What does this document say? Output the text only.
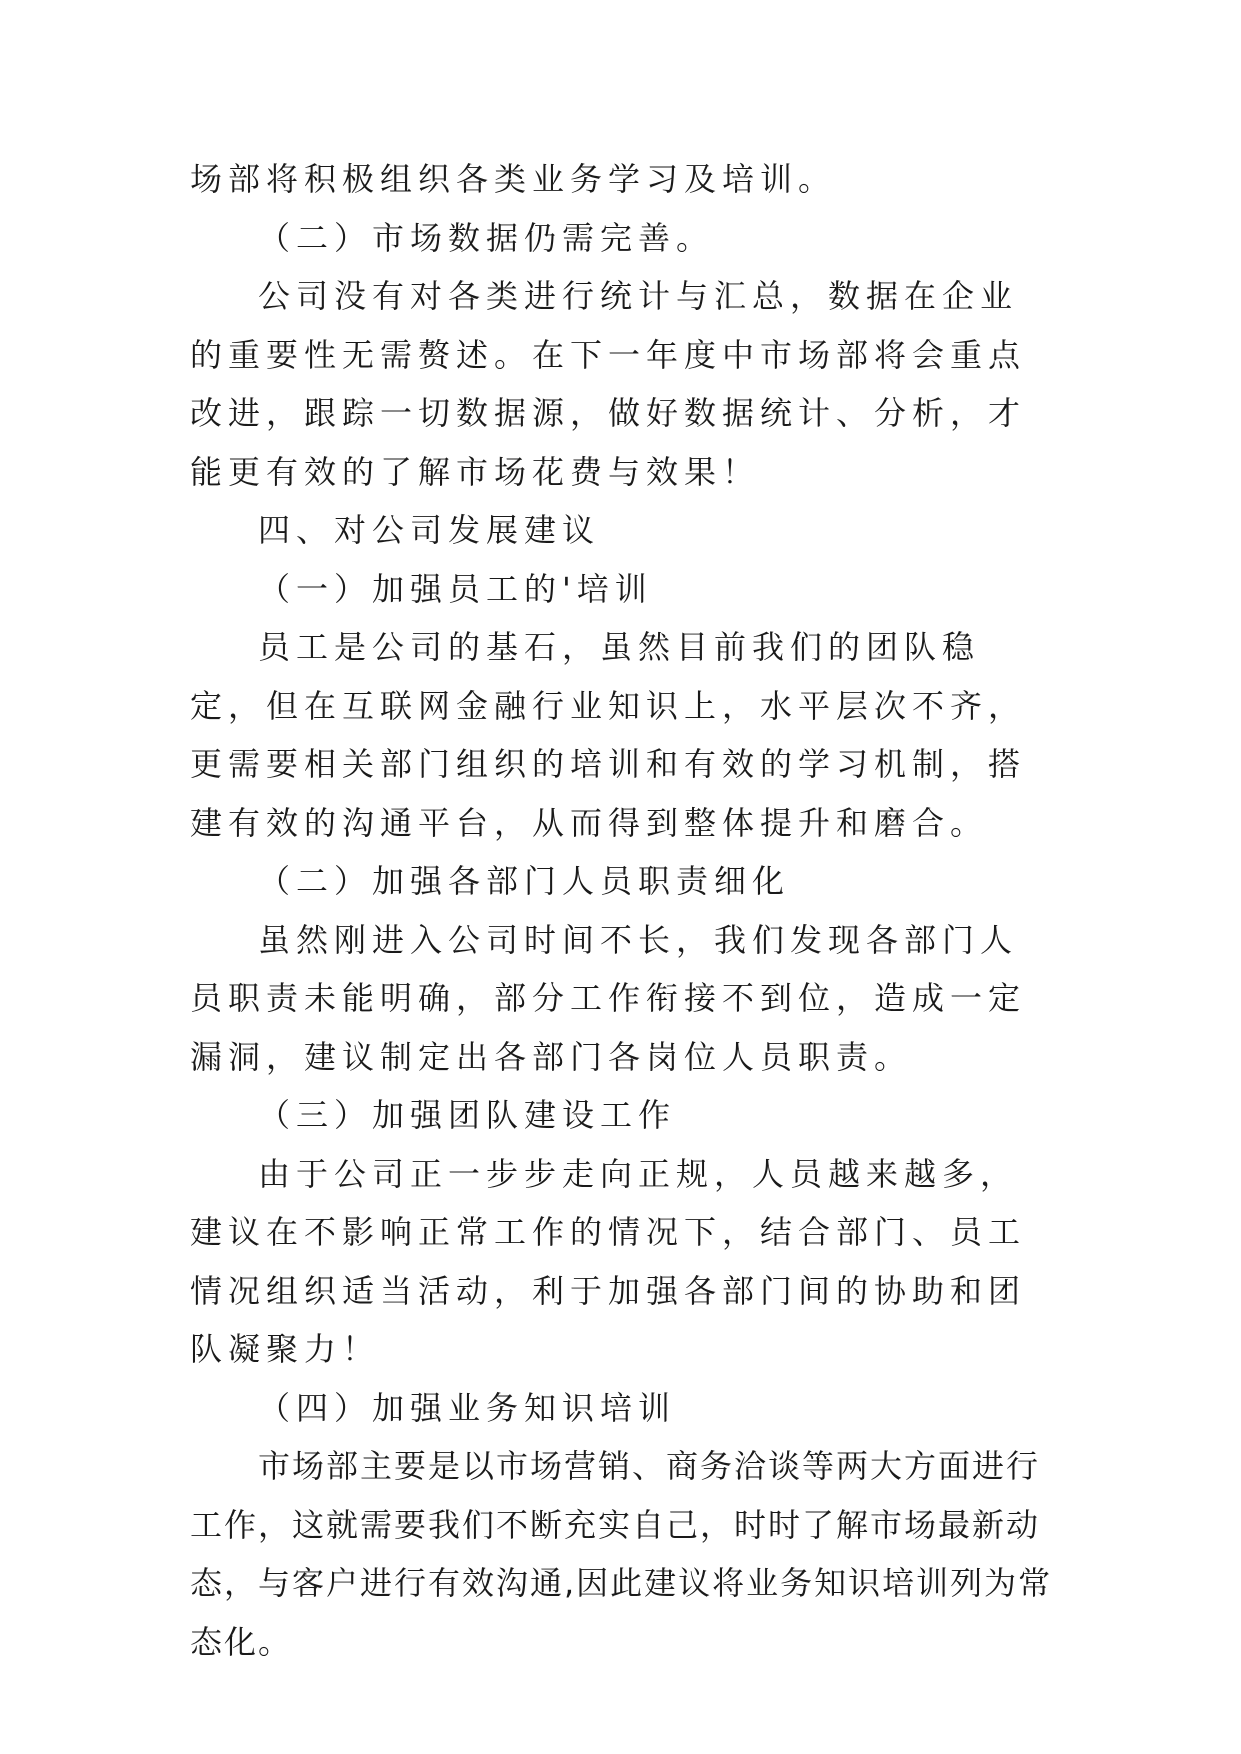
场部将积极组织各类业务学习及培训。

（二）市场数据仍需完善。

公司没有对各类进行统计与汇总，数据在企业的重要性无需赘述。在下一年度中市场部将会重点改进，跟踪一切数据源，做好数据统计、分析，才能更有效的了解市场花费与效果！

四、对公司发展建议

（一）加强员工的'培训

员工是公司的基石，虽然目前我们的团队稳定，但在互联网金融行业知识上，水平层次不齐，更需要相关部门组织的培训和有效的学习机制，搭建有效的沟通平台，从而得到整体提升和磨合。

（二）加强各部门人员职责细化

虽然刚进入公司时间不长，我们发现各部门人员职责未能明确，部分工作衔接不到位，造成一定漏洞，建议制定出各部门各岗位人员职责。

（三）加强团队建设工作

由于公司正一步步走向正规，人员越来越多，建议在不影响正常工作的情况下，结合部门、员工情况组织适当活动，利于加强各部门间的协助和团队凝聚力！

（四）加强业务知识培训

市场部主要是以市场营销、商务洽谈等两大方面进行工作，这就需要我们不断充实自己，时时了解市场最新动态，与客户进行有效沟通,因此建议将业务知识培训列为常态化。
